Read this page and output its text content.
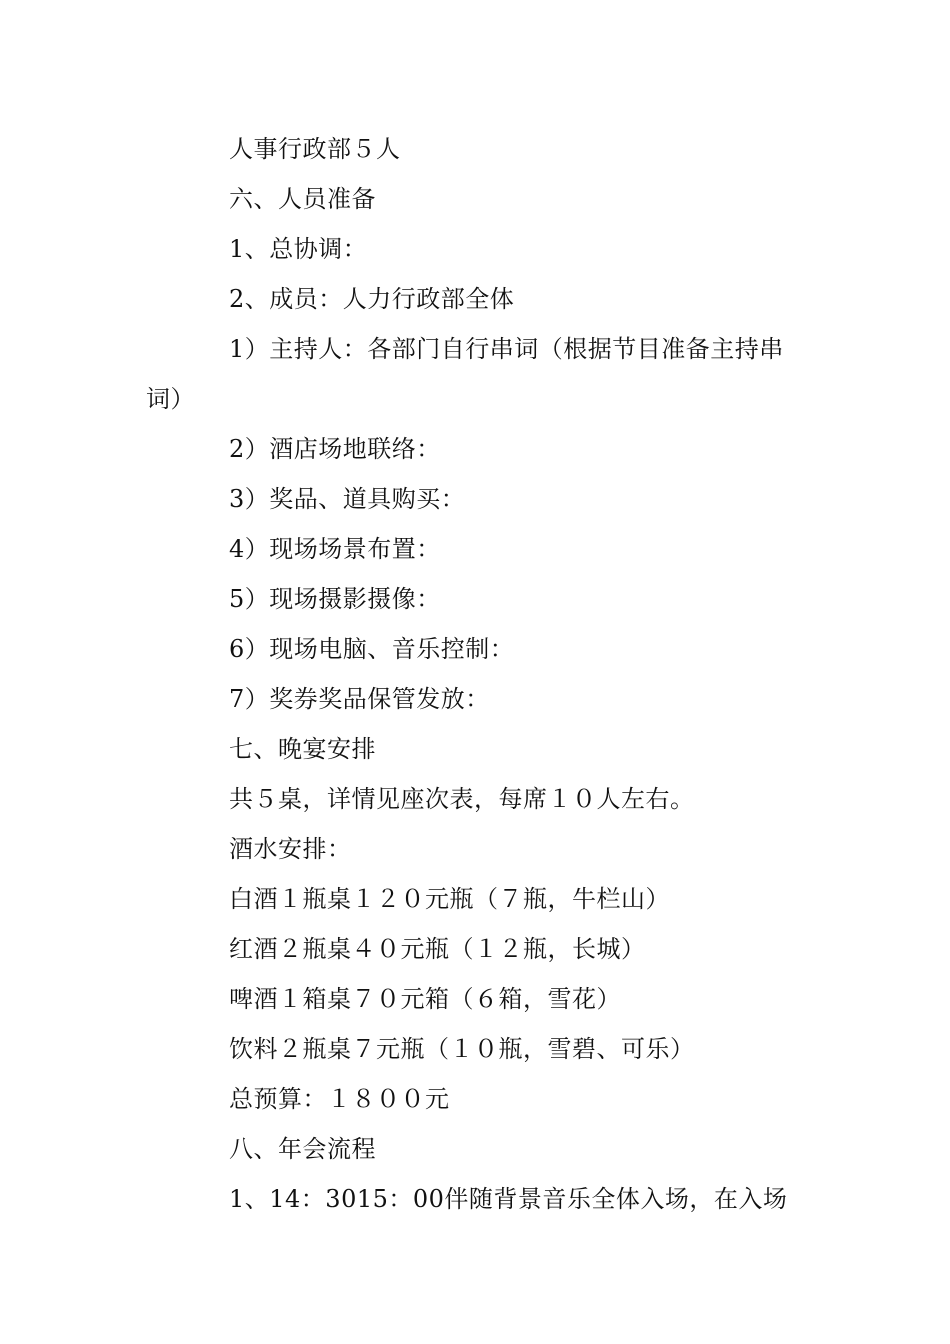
人事行政部５人
六、人员准备
1、总协调：
2、成员：人力行政部全体
1）主持人：各部门自行串词（根据节目准备主持串
词）
2）酒店场地联络：
3）奖品、道具购买：
4）现场场景布置：
5）现场摄影摄像：
6）现场电脑、音乐控制：
7）奖券奖品保管发放：
七、晚宴安排
共５桌，详情见座次表，每席１０人左右。
酒水安排：
白酒１瓶桌１２０元瓶（７瓶，牛栏山）
红酒２瓶桌４０元瓶（１２瓶，长城）
啤酒１箱桌７０元箱（６箱，雪花）
饮料２瓶桌７元瓶（１０瓶，雪碧、可乐）
总预算：１８００元
八、年会流程
1、14：3015：00伴随背景音乐全体入场，在入场
